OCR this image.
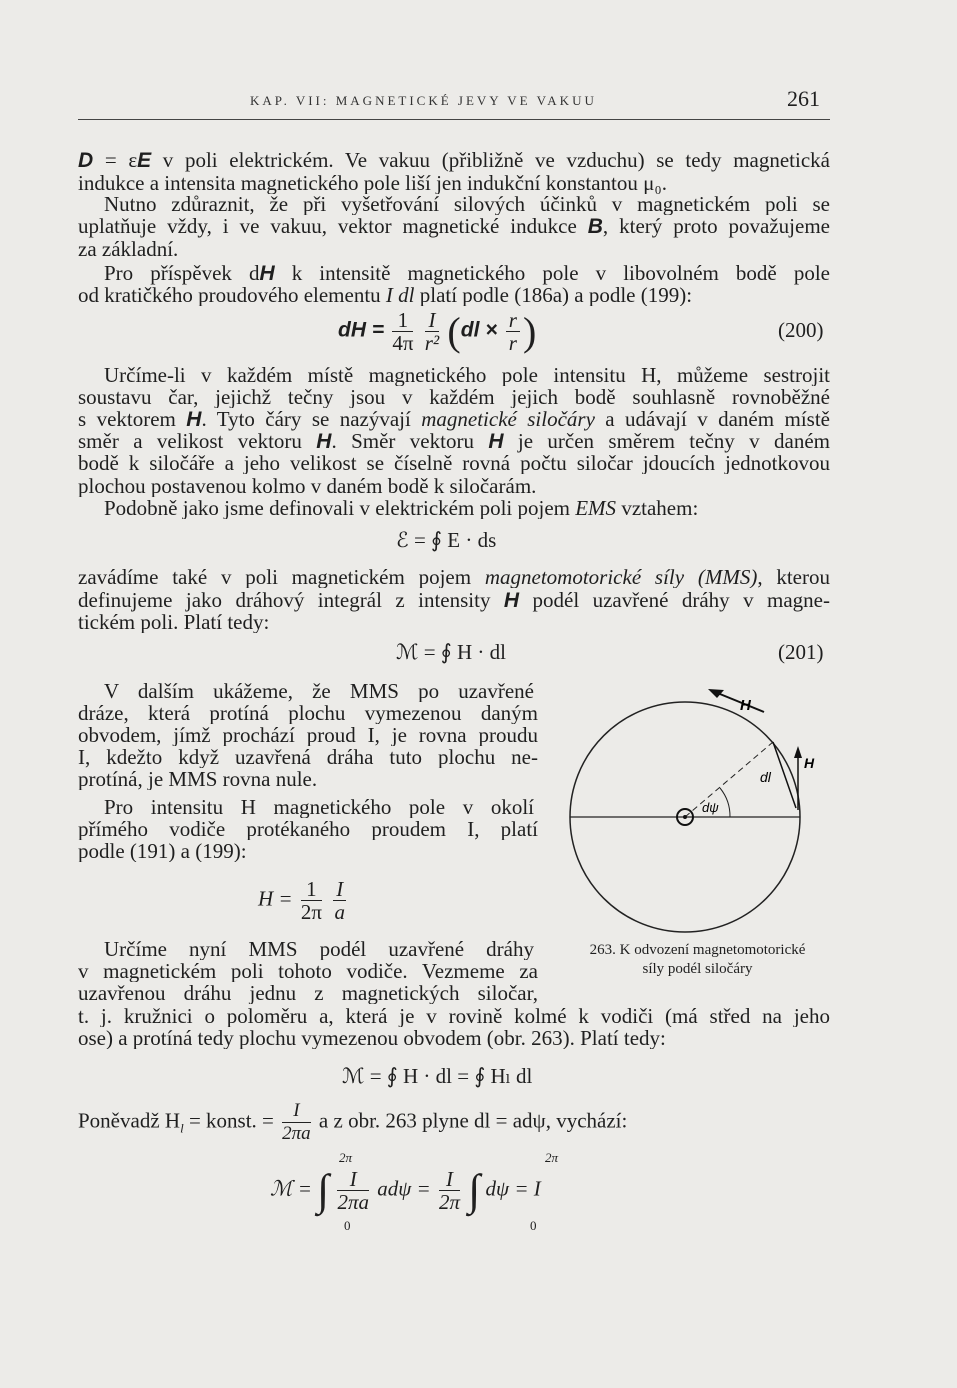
KAP. VII: MAGNETICKÉ JEVY VE VAKUU	261
D = εE v poli elektrickém. Ve vakuu (přibližně ve vzduchu) se tedy magnetická
indukce a intensita magnetického pole liší jen indukční konstantou μ₀.
Nutno zdůraznit, že při vyšetřování silových účinků v magnetickém poli se
uplatňuje vždy, i ve vakuu, vektor magnetické indukce B, který proto považujeme
za základní.
Pro příspěvek dH k intensitě magnetického pole v libovolném bodě pole
od kratičkého proudového elementu I dl platí podle (186a) a podle (199):
dH = $\frac{1}{4\pi}$
$\frac{I}{\text{r²}} (dl \times \frac{r}{r}$ )	(200)
Určíme-li v každém místě magnetického pole intensitu H, můžeme sestrojit
soustavu čar, jejichž tečny jsou v každém jejich bodě souhlasně rovnoběžné
s vektorem H. Tyto čáry se nazývají magnetické siločáry a udávají v daném místě
směr a velikost vektoru H. Směr vektoru H je určen směrem tečny v daném
bodě k siločáře a jeho velikost se číselně rovná počtu siločar jdoucích jednotkovou
plochou postavenou kolmo v daném bodě k siločarám.
Podobně jako jsme definovali v elektrickém poli pojem EMS vztahem:
ℰ = ∮ E · ds
zavádíme také v poli magnetickém pojem magnetomotorické síly (MMS), kterou
definujeme jako dráhový integrál z intensity H podél uzavřené dráhy v magne-
tickém poli. Platí tedy:
ℳ = ∮ H · dl	(201)
V dalším ukážeme, že MMS po uzavřené
dráze, která protíná plochu vymezenou daným
obvodem, jímž prochází proud I, je rovna proudu
I, kdežto když uzavřená dráha tuto plochu ne-
protíná, je MMS rovna nule.
Pro intensitu H magnetického pole v okolí
přímého vodiče protékaného proudem I, platí
podle (191) a (199):
$H = \frac{1}{2\pi}$
$\frac{I}{a}$
Určíme nyní MMS podél uzavřené dráhy
v magnetickém poli tohoto vodiče. Vezmeme za
uzavřenou dráhu jednu z magnetických siločar,
H
H
dl
dψ
263. K odvození magnetomotorické
síly podél siločáry
t. j. kružnici o poloměru a, která je v rovině kolmé k vodiči (má střed na jeho
ose) a protíná tedy plochu vymezenou obvodem (obr. 263). Platí tedy:
ℳ = ∮ H · dl = ∮ Hₗ dl
Poněvadž $H_l$ = konst. = $\frac{I}{2\pi a}$ a z obr. 263 plyne dl = adψ, vychází:
ℳ = ∫ $\frac{I}{2\pi a}$ $ad\psi = \frac{I}{2\pi}$ ∫ dψ = I
2π
0
2π
0
